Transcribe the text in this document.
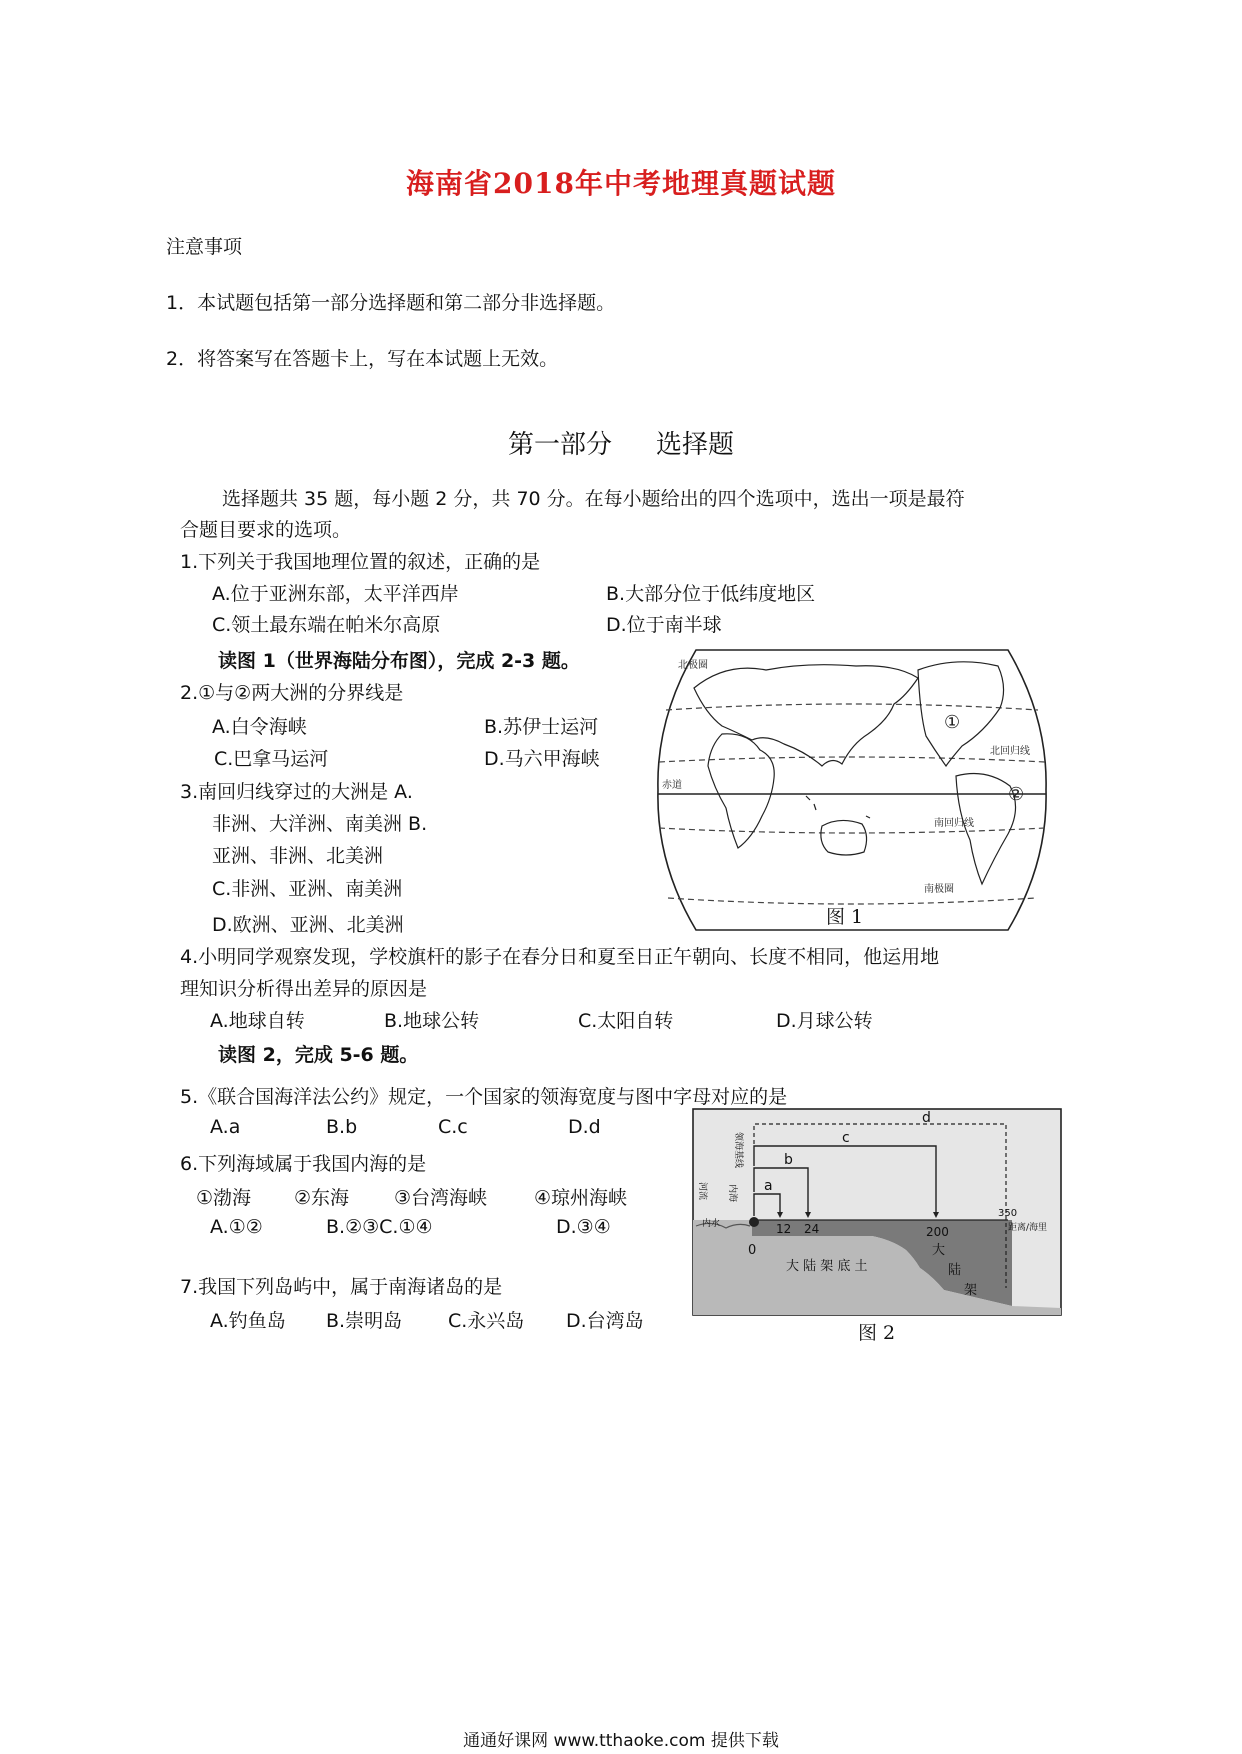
海南省2018年中考地理真题试题
注意事项
1．本试题包括第一部分选择题和第二部分非选择题。
2．将答案写在答题卡上，写在本试题上无效。
第一部分 选择题
选择题共 35 题，每小题 2 分，共 70 分。在每小题给出的四个选项中，选出一项是最符
合题目要求的选项。
1.下列关于我国地理位置的叙述，正确的是
A.位于亚洲东部，太平洋西岸	B.大部分位于低纬度地区
C.领土最东端在帕米尔高原	D.位于南半球
读图 1（世界海陆分布图），完成 2-3 题。
2.①与②两大洲的分界线是
A.白令海峡	B.苏伊士运河
C.巴拿马运河	D.马六甲海峡
3.南回归线穿过的大洲是 A.
非洲、大洋洲、南美洲 B.
亚洲、非洲、北美洲
C.非洲、亚洲、南美洲
D.欧洲、亚洲、北美洲
北极圈
北回归线
赤道
南回归线
南极圈
①
②
图 1
4.小明同学观察发现，学校旗杆的影子在春分日和夏至日正午朝向、长度不相同，他运用地
理知识分析得出差异的原因是
A.地球自转	B.地球公转	C.太阳自转	D.月球公转
读图 2，完成 5-6 题。
5.《联合国海洋法公约》规定，一个国家的领海宽度与图中字母对应的是
A.a	B.b	C.c	D.d
6.下列海域属于我国内海的是
①渤海 ②东海 ③台湾海峡 ④琼州海峡
A.①②	B.②③C.①④	D.③④
7.我国下列岛屿中，属于南海诸岛的是
A.钓鱼岛 B.崇明岛 C.永兴岛 D.台湾岛
a
b
c
d
0
12 24	200
350
距离/海里
内水
大 陆 架 底 土
大
陆
架
领海基线
河流 内海
图 2
通通好课网 www.tthaoke.com 提供下载
